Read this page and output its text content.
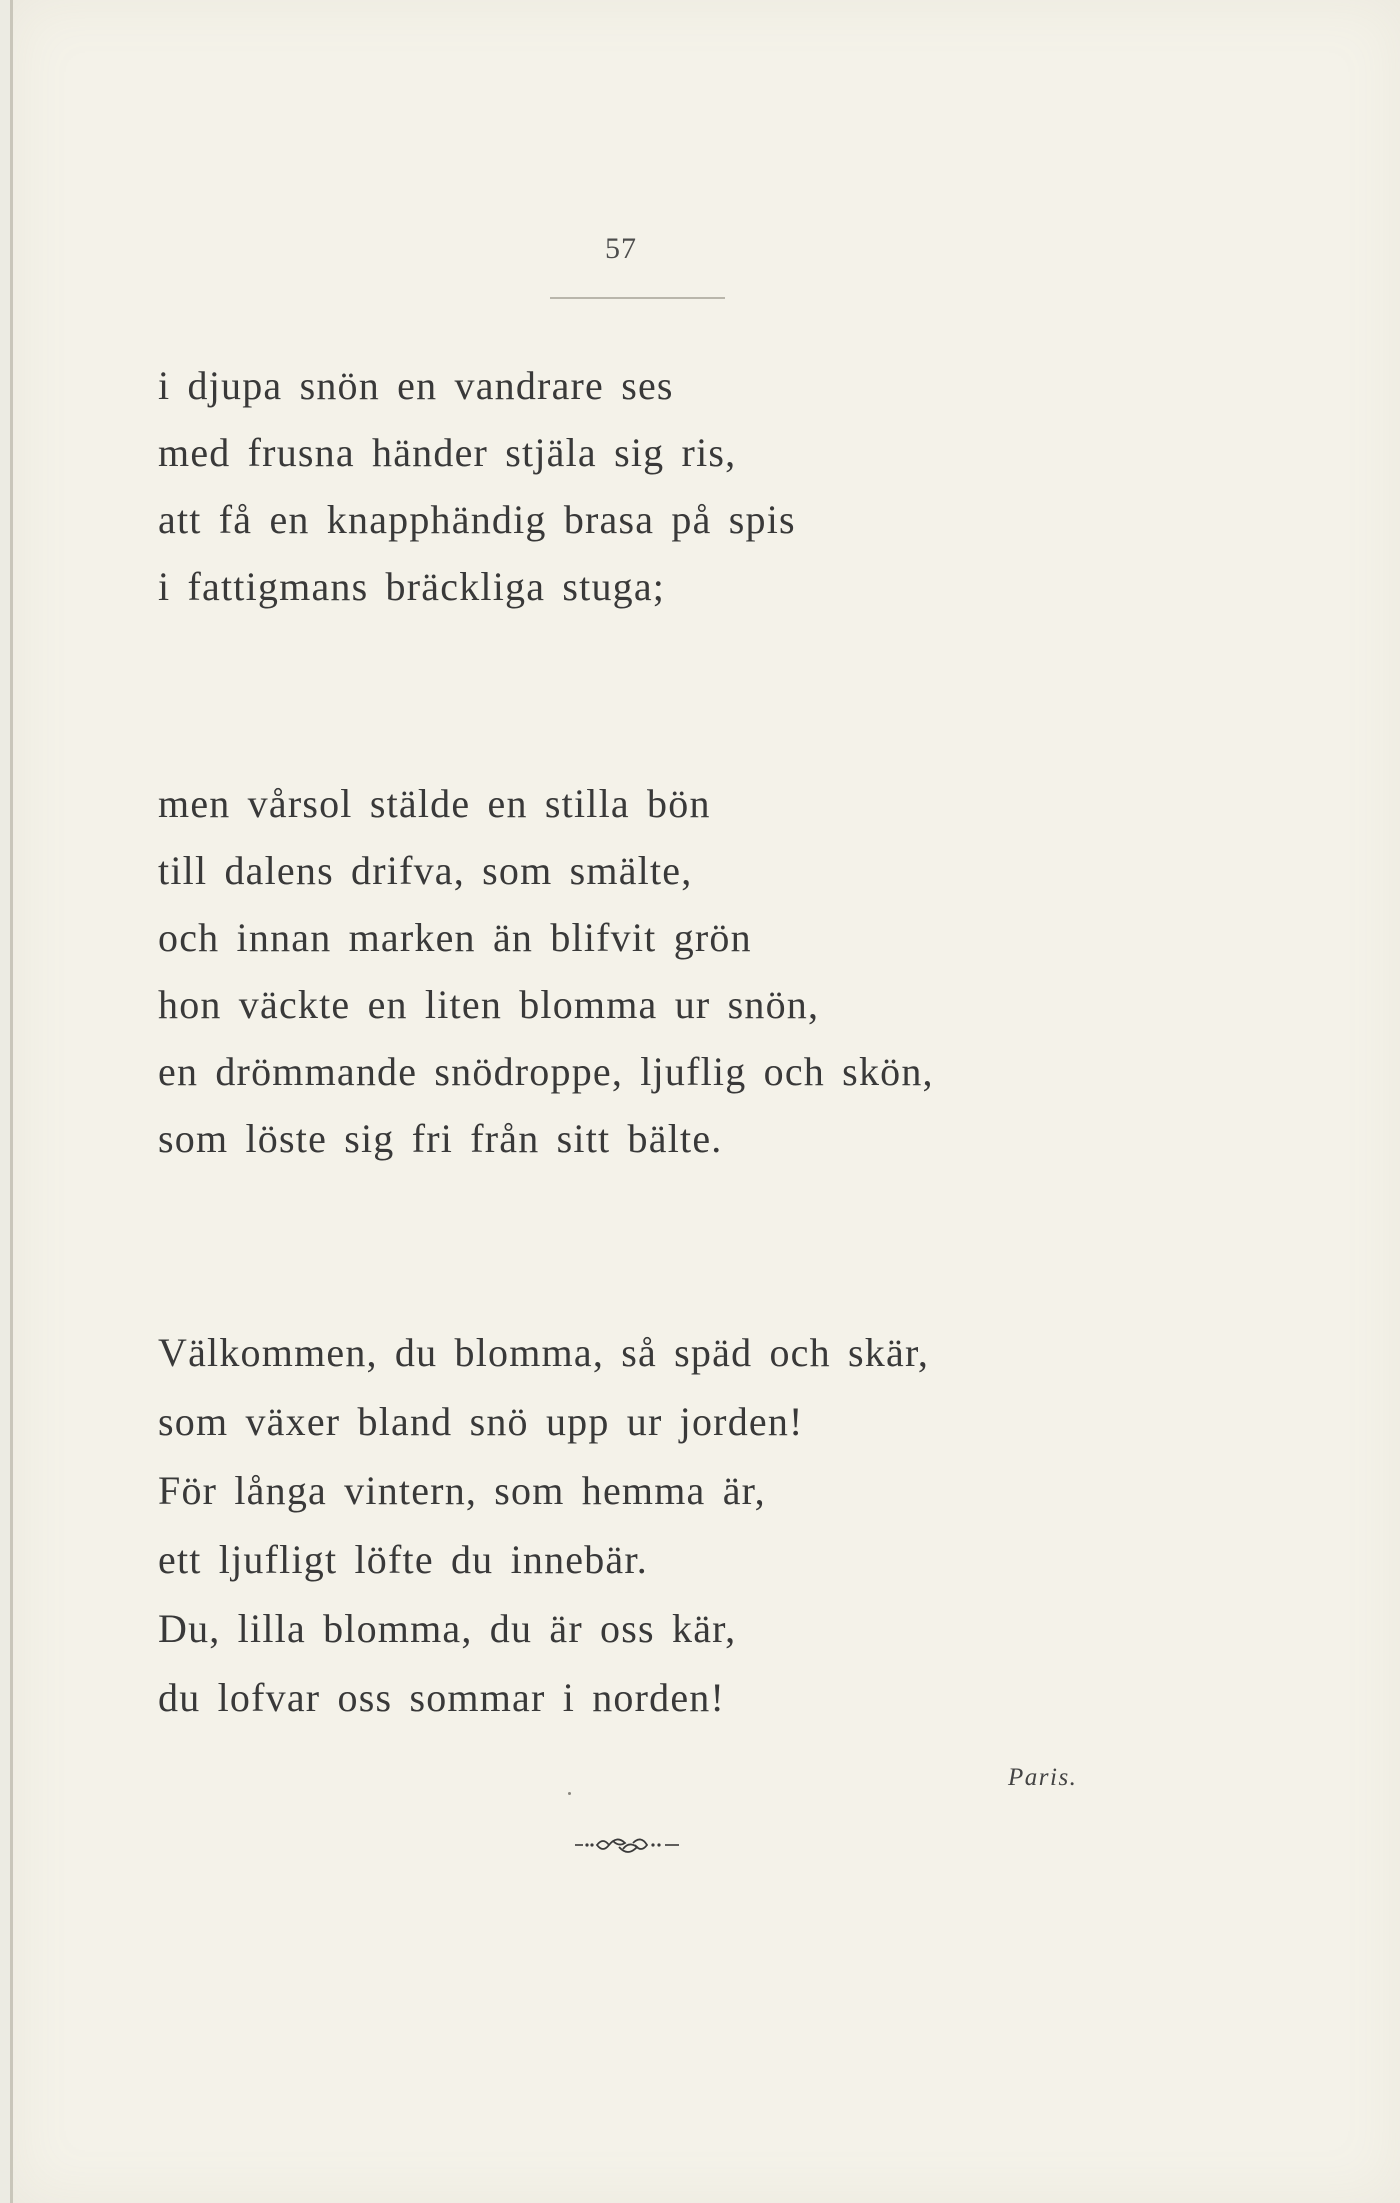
57
i djupa snön en vandrare ses
med frusna händer stjäla sig ris,
att få en knapphändig brasa på spis
i fattigmans bräckliga stuga;
men vårsol stälde en stilla bön
till dalens drifva, som smälte,
och innan marken än blifvit grön
hon väckte en liten blomma ur snön,
en drömmande snödroppe, ljuflig och skön,
som löste sig fri från sitt bälte.
Välkommen, du blomma, så späd och skär,
som växer bland snö upp ur jorden!
För långa vintern, som hemma är,
ett ljufligt löfte du innebär.
Du, lilla blomma, du är oss kär,
du lofvar oss sommar i norden!
Paris.
